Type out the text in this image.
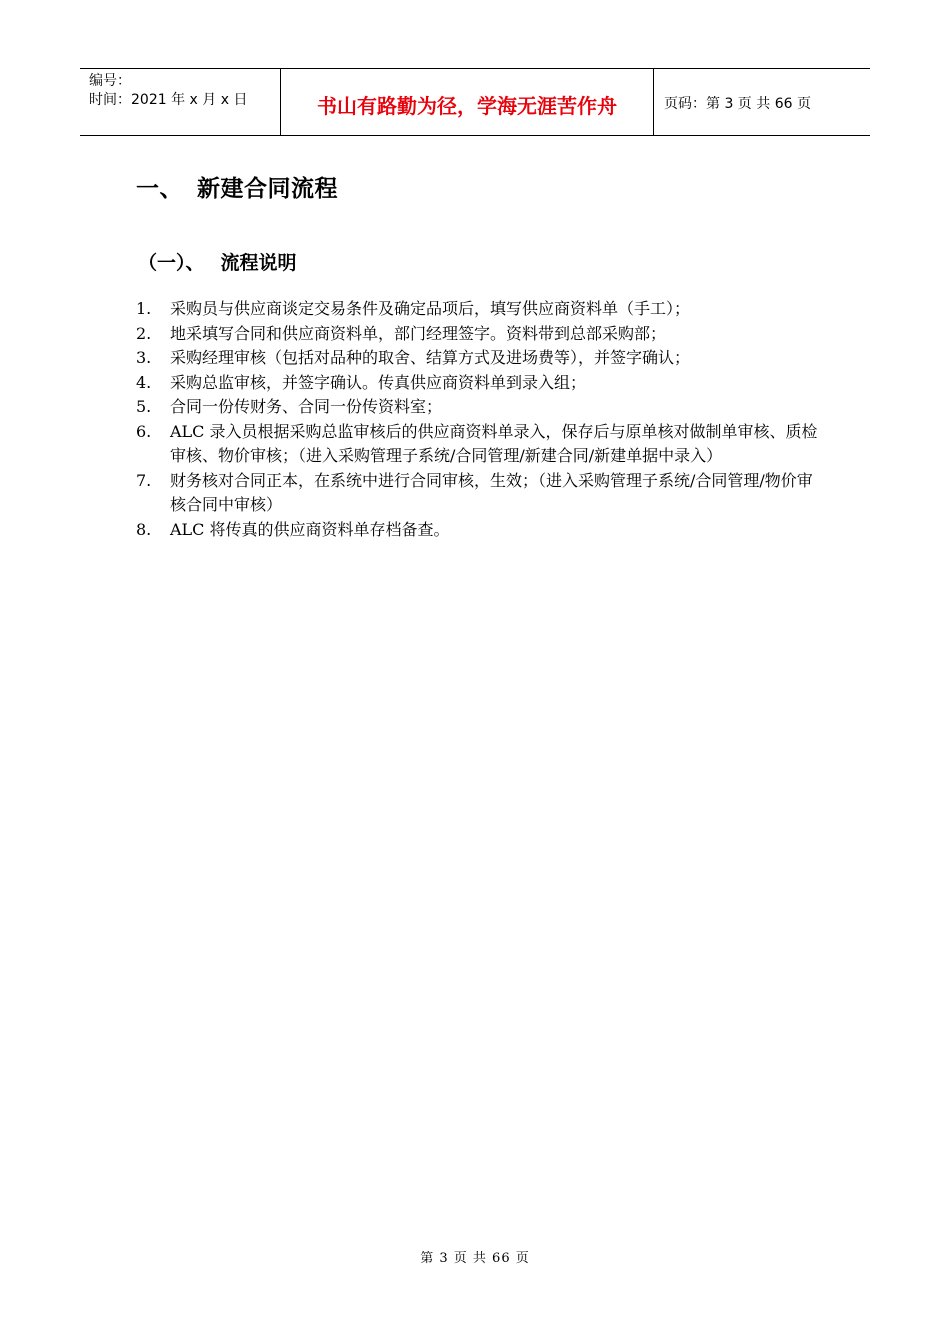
编号：
时间：2021 年 x 月 x 日	书山有路勤为径，学海无涯苦作舟	页码：第 3 页 共 66 页
一、 新建合同流程
（一）、 流程说明
1.	采购员与供应商谈定交易条件及确定品项后，填写供应商资料单（手工）；
2.	地采填写合同和供应商资料单，部门经理签字。资料带到总部采购部；
3.	采购经理审核（包括对品种的取舍、结算方式及进场费等），并签字确认；
4.	采购总监审核，并签字确认。传真供应商资料单到录入组；
5.	合同一份传财务、合同一份传资料室；
6.	ALC 录入员根据采购总监审核后的供应商资料单录入，保存后与原单核对做制单审核、质检审核、物价审核；（进入采购管理子系统/合同管理/新建合同/新建单据中录入）
7.	财务核对合同正本，在系统中进行合同审核，生效；（进入采购管理子系统/合同管理/物价审核合同中审核）
8.	ALC 将传真的供应商资料单存档备查。
第 3 页 共 66 页
